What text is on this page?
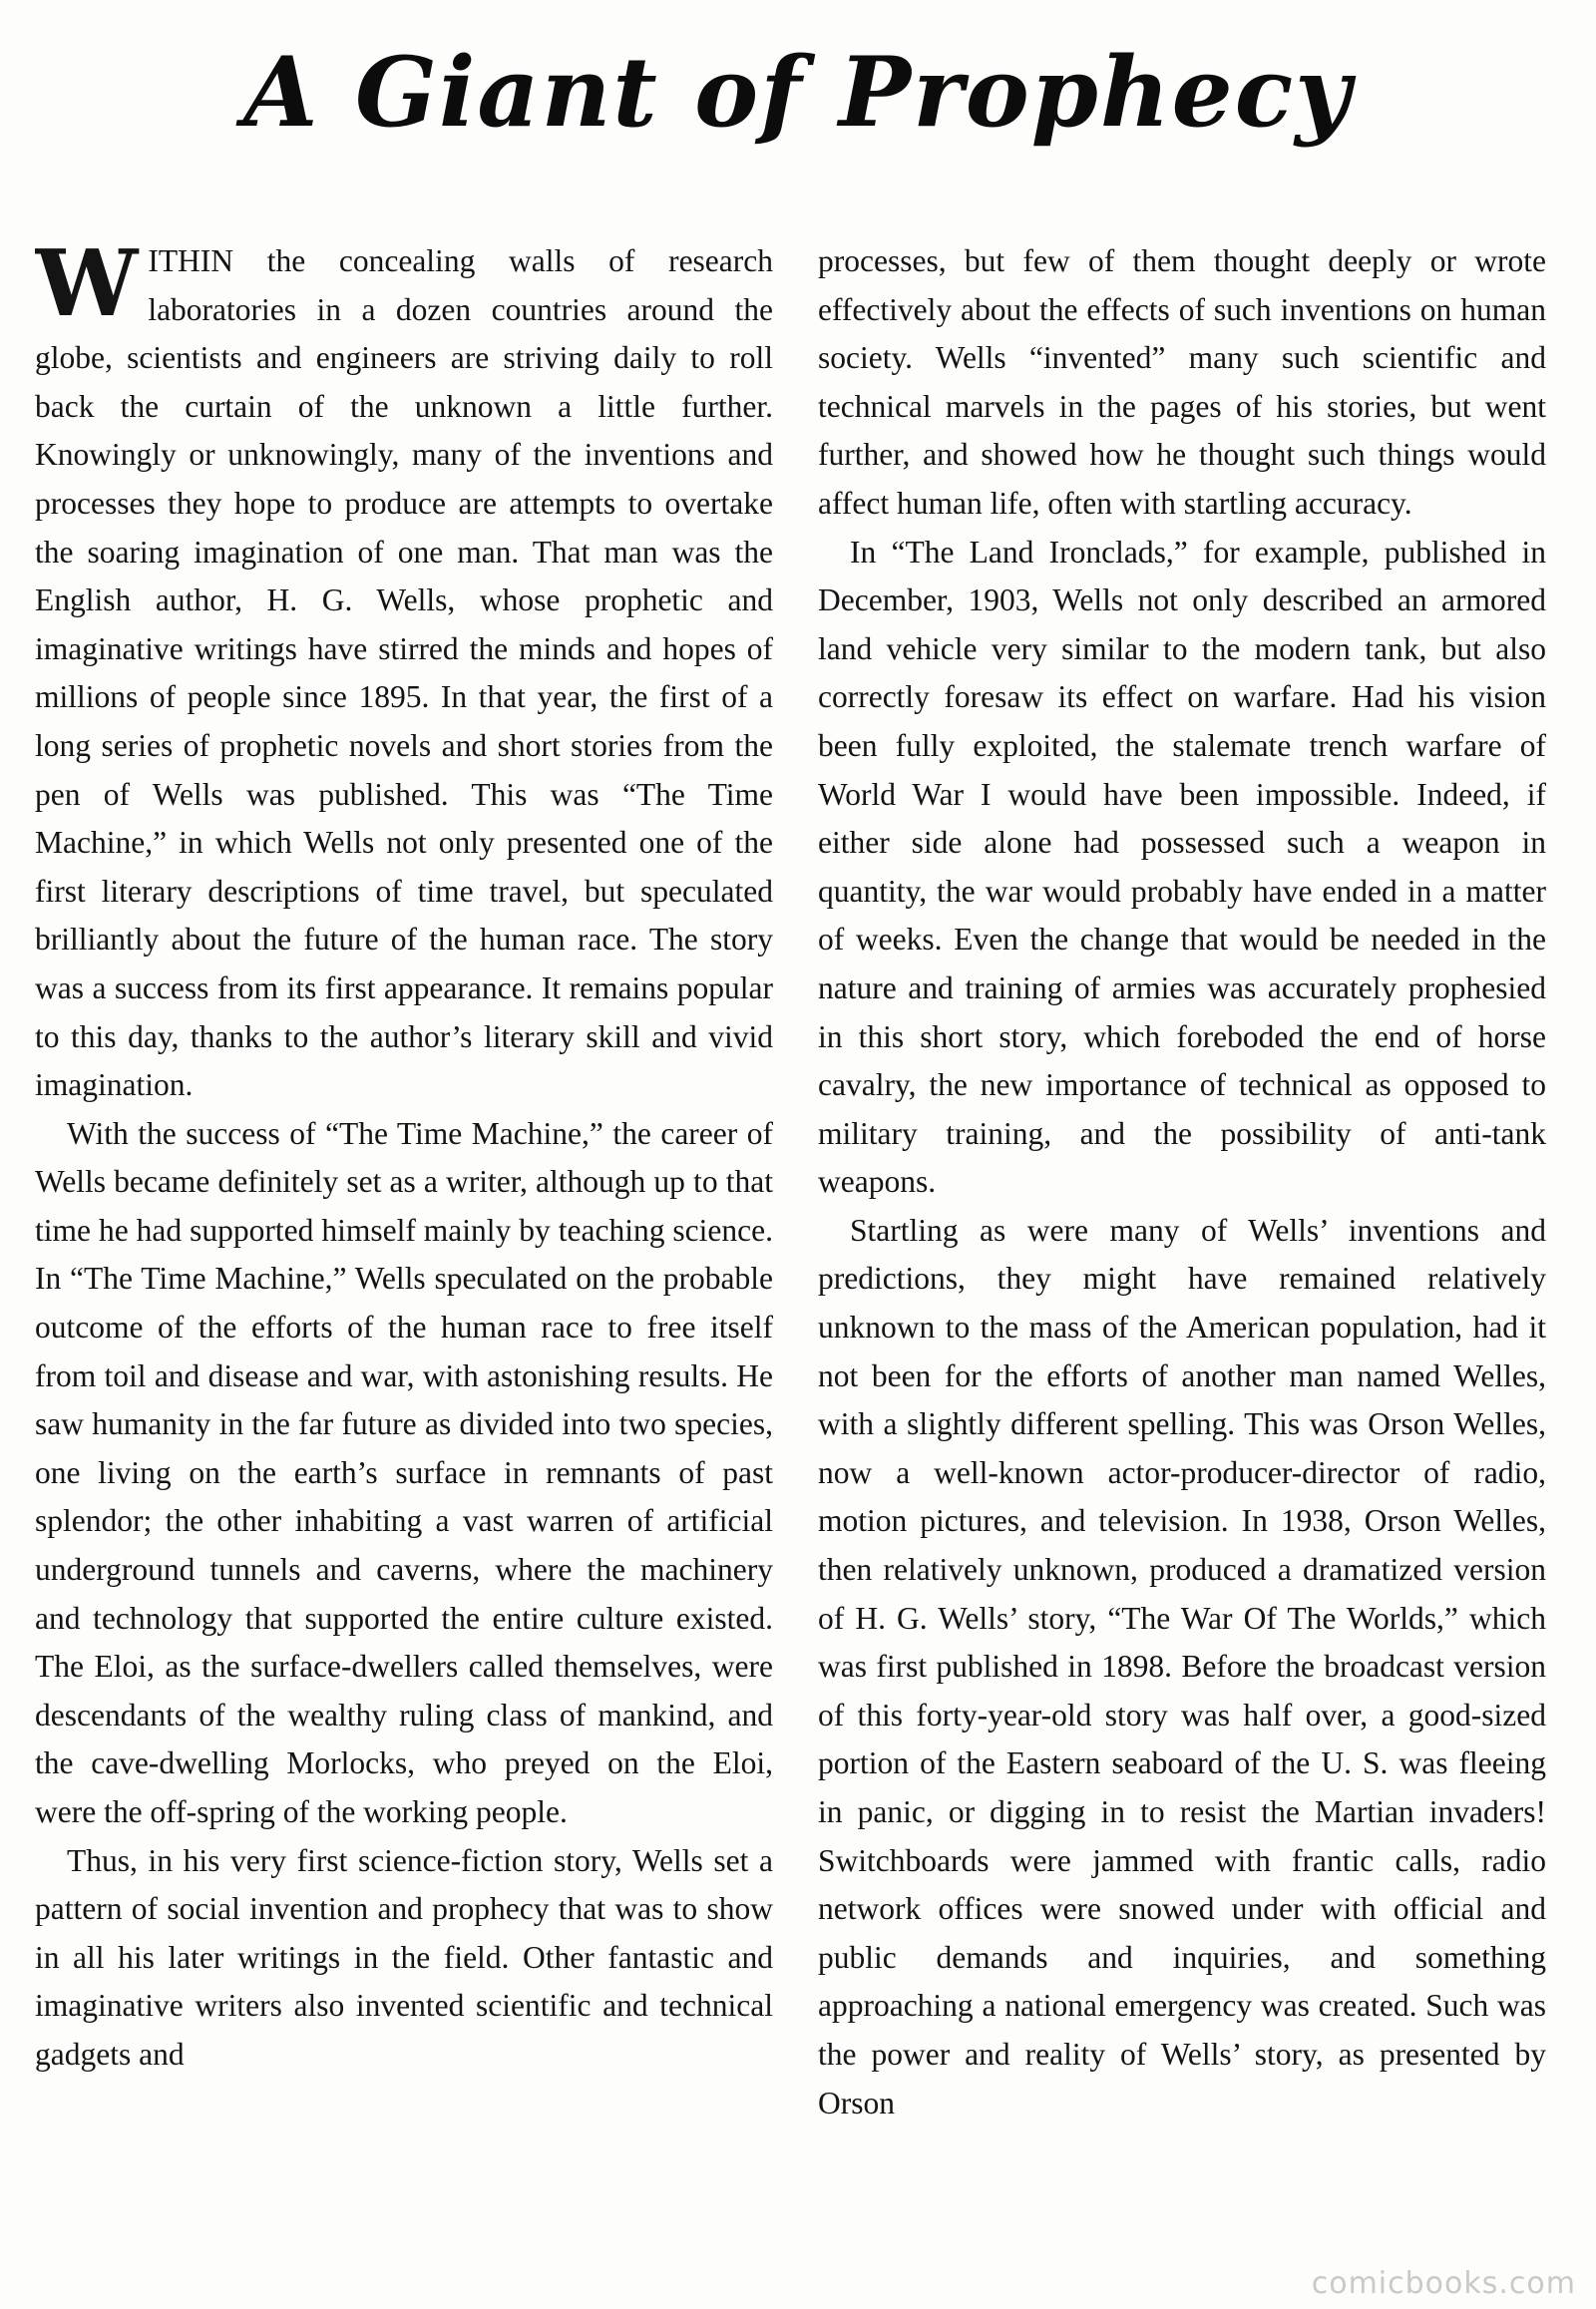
A Giant of Prophecy

WITHIN the concealing walls of research laboratories in a dozen countries around the globe, scientists and engineers are striving daily to roll back the curtain of the unknown a little further. Knowingly or unknowingly, many of the inventions and processes they hope to produce are attempts to overtake the soaring imagination of one man. That man was the English author, H. G. Wells, whose prophetic and imaginative writings have stirred the minds and hopes of millions of people since 1895. In that year, the first of a long series of prophetic novels and short stories from the pen of Wells was published. This was “The Time Machine,” in which Wells not only presented one of the first literary descriptions of time travel, but speculated brilliantly about the future of the human race. The story was a success from its first appearance. It remains popular to this day, thanks to the author’s literary skill and vivid imagination.

With the success of “The Time Machine,” the career of Wells became definitely set as a writer, although up to that time he had supported himself mainly by teaching science. In “The Time Machine,” Wells speculated on the probable outcome of the efforts of the human race to free itself from toil and disease and war, with astonishing results. He saw humanity in the far future as divided into two species, one living on the earth’s surface in remnants of past splendor; the other inhabiting a vast warren of artificial underground tunnels and caverns, where the machinery and technology that supported the entire culture existed. The Eloi, as the surface-dwellers called themselves, were descendants of the wealthy ruling class of mankind, and the cave-dwelling Morlocks, who preyed on the Eloi, were the off-spring of the working people.

Thus, in his very first science-fiction story, Wells set a pattern of social invention and prophecy that was to show in all his later writings in the field. Other fantastic and imaginative writers also invented scientific and technical gadgets and

processes, but few of them thought deeply or wrote effectively about the effects of such inventions on human society. Wells “invented” many such scientific and technical marvels in the pages of his stories, but went further, and showed how he thought such things would affect human life, often with startling accuracy.

In “The Land Ironclads,” for example, published in December, 1903, Wells not only described an armored land vehicle very similar to the modern tank, but also correctly foresaw its effect on warfare. Had his vision been fully exploited, the stalemate trench warfare of World War I would have been impossible. Indeed, if either side alone had possessed such a weapon in quantity, the war would probably have ended in a matter of weeks. Even the change that would be needed in the nature and training of armies was accurately prophesied in this short story, which foreboded the end of horse cavalry, the new importance of technical as opposed to military training, and the possibility of anti-tank weapons.

Startling as were many of Wells’ inventions and predictions, they might have remained relatively unknown to the mass of the American population, had it not been for the efforts of another man named Welles, with a slightly different spelling. This was Orson Welles, now a well-known actor-producer-director of radio, motion pictures, and television. In 1938, Orson Welles, then relatively unknown, produced a dramatized version of H. G. Wells’ story, “The War Of The Worlds,” which was first published in 1898. Before the broadcast version of this forty-year-old story was half over, a good-sized portion of the Eastern seaboard of the U. S. was fleeing in panic, or digging in to resist the Martian invaders! Switchboards were jammed with frantic calls, radio network offices were snowed under with official and public demands and inquiries, and something approaching a national emergency was created. Such was the power and reality of Wells’ story, as presented by Orson

comicbooks.com
